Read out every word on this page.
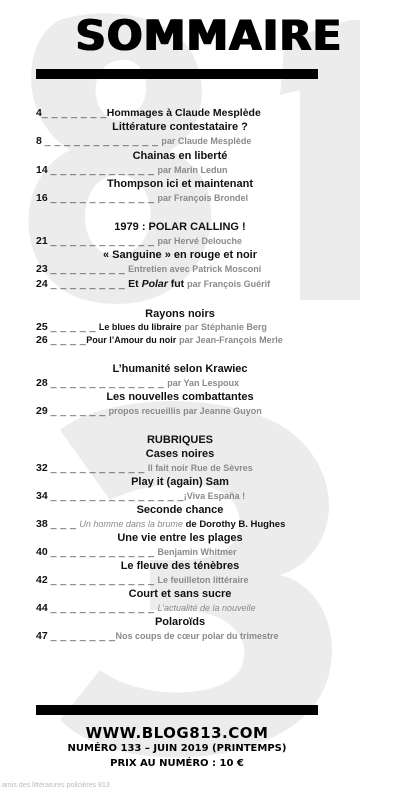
SOMMAIRE
4_ _ _ _ _ _ _Hommages à Claude Mesplède
Littérature contestataire ?
8 _ _ _ _ _ _ _ _ _ _ _ _ par Claude Mesplède
Chainas en liberté
14 _ _ _ _ _ _ _ _ _ _ _ par Marin Ledun
Thompson ici et maintenant
16 _ _ _ _ _ _ _ _ _ _ _ par François Brondel
1979 : POLAR CALLING !
21 _ _ _ _ _ _ _ _ _ _ _ par Hervé Delouche
« Sanguine » en rouge et noir
23 _ _ _ _ _ _ _ _ Entretien avec Patrick Mosconi
24 _ _ _ _ _ _ _ _ Et Polar fut par François Guérif
Rayons noirs
25 _ _ _ _ _ Le blues du libraire par Stéphanie Berg
26 _ _ _ _Pour l’Amour du noir par Jean-François Merle
L’humanité selon Krawiec
28 _ _ _ _ _ _ _ _ _ _ _ _ par Yan Lespoux
Les nouvelles combattantes
29 _ _ _ _ _ _ propos recueillis par Jeanne Guyon
RUBRIQUES
Cases noires
32 _ _ _ _ _ _ _ _ _ _ Il fait noir Rue de Sèvres
Play it (again) Sam
34 _ _ _ _ _ _ _ _ _ _ _ _ _ _¡Viva España !
Seconde chance
38 _ _ _ Un homme dans la brume de Dorothy B. Hughes
Une vie entre les plages
40 _ _ _ _ _ _ _ _ _ _ _ Benjamin Whitmer
Le fleuve des ténèbres
42 _ _ _ _ _ _ _ _ _ _ _ Le feuilleton littéraire
Court et sans sucre
44 _ _ _ _ _ _ _ _ _ _ _ L’actualité de la nouvelle
Polaroïds
47 _ _ _ _ _ _ _Nos coups de cœur polar du trimestre
WWW.BLOG813.COM
NUMÉRO 133 – JUIN 2019 (PRINTEMPS)
PRIX AU NUMÉRO : 10 €
amis des littératures policières 813
